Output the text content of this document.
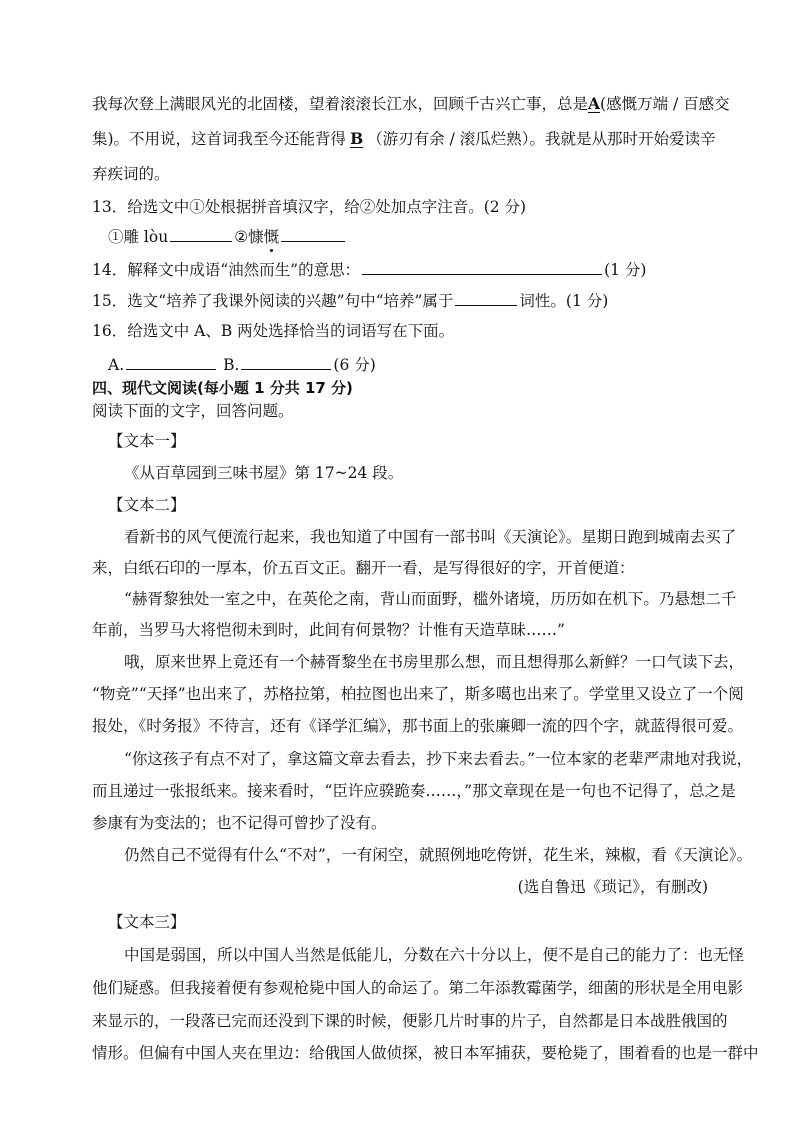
我每次登上满眼风光的北固楼，望着滚滚长江水，回顾千古兴亡事，总是A(感慨万端 / 百感交
集)。不用说，这首词我至今还能背得 B （游刃有余 / 滚瓜烂熟）。我就是从那时开始爱读辛
弃疾词的。
13．给选文中①处根据拼音填汉字，给②处加点字注音。(2 分)
①雕 lòu	②慷慨
14．解释文中成语“油然而生”的意思：	(1 分)
15．选文“培养了我课外阅读的兴趣”句中“培养”属于	词性。(1 分)
16．给选文中 A、B 两处选择恰当的词语写在下面。
A.	B.	(6 分)
四、现代文阅读(每小题 1 分共 17 分)
阅读下面的文字，回答问题。
【文本一】
《从百草园到三味书屋》第 17~24 段。
【文本二】
看新书的风气便流行起来，我也知道了中国有一部书叫《天演论》。星期日跑到城南去买了
来，白纸石印的一厚本，价五百文正。翻开一看，是写得很好的字，开首便道：
“赫胥黎独处一室之中，在英伦之南，背山而面野，槛外诸境，历历如在机下。乃悬想二千
年前，当罗马大将恺彻未到时，此间有何景物？计惟有天造草昧……”
哦，原来世界上竟还有一个赫胥黎坐在书房里那么想，而且想得那么新鲜？一口气读下去，
“物竞”“天择”也出来了，苏格拉第，柏拉图也出来了，斯多噶也出来了。学堂里又设立了一个阅
报处，《时务报》不待言，还有《译学汇编》，那书面上的张廉卿一流的四个字，就蓝得很可爱。
“你这孩子有点不对了，拿这篇文章去看去，抄下来去看去。”一位本家的老辈严肃地对我说，
而且递过一张报纸来。接来看时，“臣许应骙跪奏……，”那文章现在是一句也不记得了，总之是
参康有为变法的；也不记得可曾抄了没有。
仍然自己不觉得有什么“不对”，一有闲空，就照例地吃侉饼，花生米，辣椒，看《天演论》。
(选自鲁迅《琐记》，有删改)
【文本三】
中国是弱国，所以中国人当然是低能儿，分数在六十分以上，便不是自己的能力了：也无怪
他们疑惑。但我接着便有参观枪毙中国人的命运了。第二年添教霉菌学，细菌的形状是全用电影
来显示的，一段落已完而还没到下课的时候，便影几片时事的片子，自然都是日本战胜俄国的
情形。但偏有中国人夹在里边：给俄国人做侦探，被日本军捕获，要枪毙了，围着看的也是一群中
